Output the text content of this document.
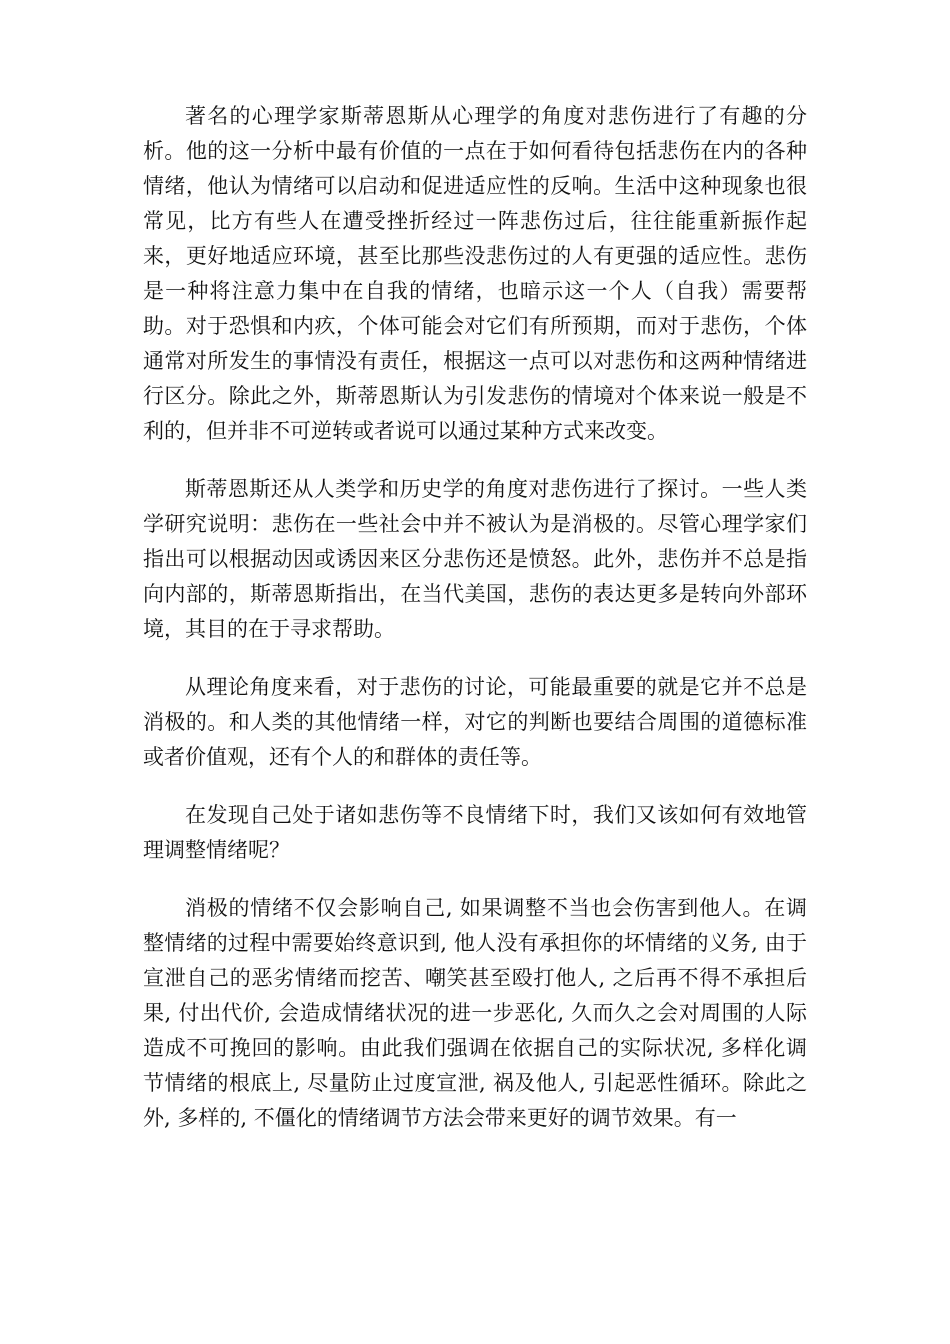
著名的心理学家斯蒂恩斯从心理学的角度对悲伤进行了有趣的分析。他的这一分析中最有价值的一点在于如何看待包括悲伤在内的各种情绪，他认为情绪可以启动和促进适应性的反响。生活中这种现象也很常见，比方有些人在遭受挫折经过一阵悲伤过后，往往能重新振作起来，更好地适应环境，甚至比那些没悲伤过的人有更强的适应性。悲伤是一种将注意力集中在自我的情绪，也暗示这一个人（自我）需要帮助。对于恐惧和内疚，个体可能会对它们有所预期，而对于悲伤，个体通常对所发生的事情没有责任，根据这一点可以对悲伤和这两种情绪进行区分。除此之外，斯蒂恩斯认为引发悲伤的情境对个体来说一般是不利的，但并非不可逆转或者说可以通过某种方式来改变。

斯蒂恩斯还从人类学和历史学的角度对悲伤进行了探讨。一些人类学研究说明：悲伤在一些社会中并不被认为是消极的。尽管心理学家们指出可以根据动因或诱因来区分悲伤还是愤怒。此外，悲伤并不总是指向内部的，斯蒂恩斯指出，在当代美国，悲伤的表达更多是转向外部环境，其目的在于寻求帮助。

从理论角度来看，对于悲伤的讨论，可能最重要的就是它并不总是消极的。和人类的其他情绪一样，对它的判断也要结合周围的道德标准或者价值观，还有个人的和群体的责任等。

在发现自己处于诸如悲伤等不良情绪下时，我们又该如何有效地管理调整情绪呢？

消极的情绪不仅会影响自己, 如果调整不当也会伤害到他人。在调整情绪的过程中需要始终意识到, 他人没有承担你的坏情绪的义务, 由于宣泄自己的恶劣情绪而挖苦、嘲笑甚至殴打他人, 之后再不得不承担后果, 付出代价, 会造成情绪状况的进一步恶化, 久而久之会对周围的人际造成不可挽回的影响。由此我们强调在依据自己的实际状况, 多样化调节情绪的根底上, 尽量防止过度宣泄, 祸及他人, 引起恶性循环。除此之外, 多样的, 不僵化的情绪调节方法会带来更好的调节效果。有一
